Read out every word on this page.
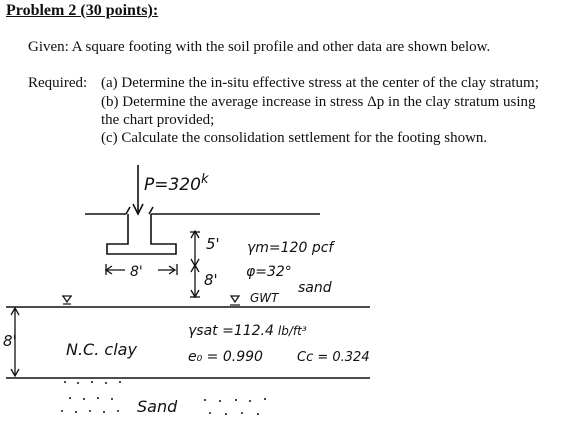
Problem 2 (30 points):
Given: A square footing with the soil profile and other data are shown below.
Required: (a) Determine the in-situ effective stress at the center of the clay stratum;
(b) Determine the average increase in stress Δp in the clay stratum using
the chart provided;
(c) Calculate the consolidation settlement for the footing shown.
$P=320^k$
8'
5'
8'
γm=120 pcf
φ=32°
sand
GWT
8'	N.C. clay
γsat =112.4 lb/ft³
e₀ = 0.990	Cc = 0.324
Sand
